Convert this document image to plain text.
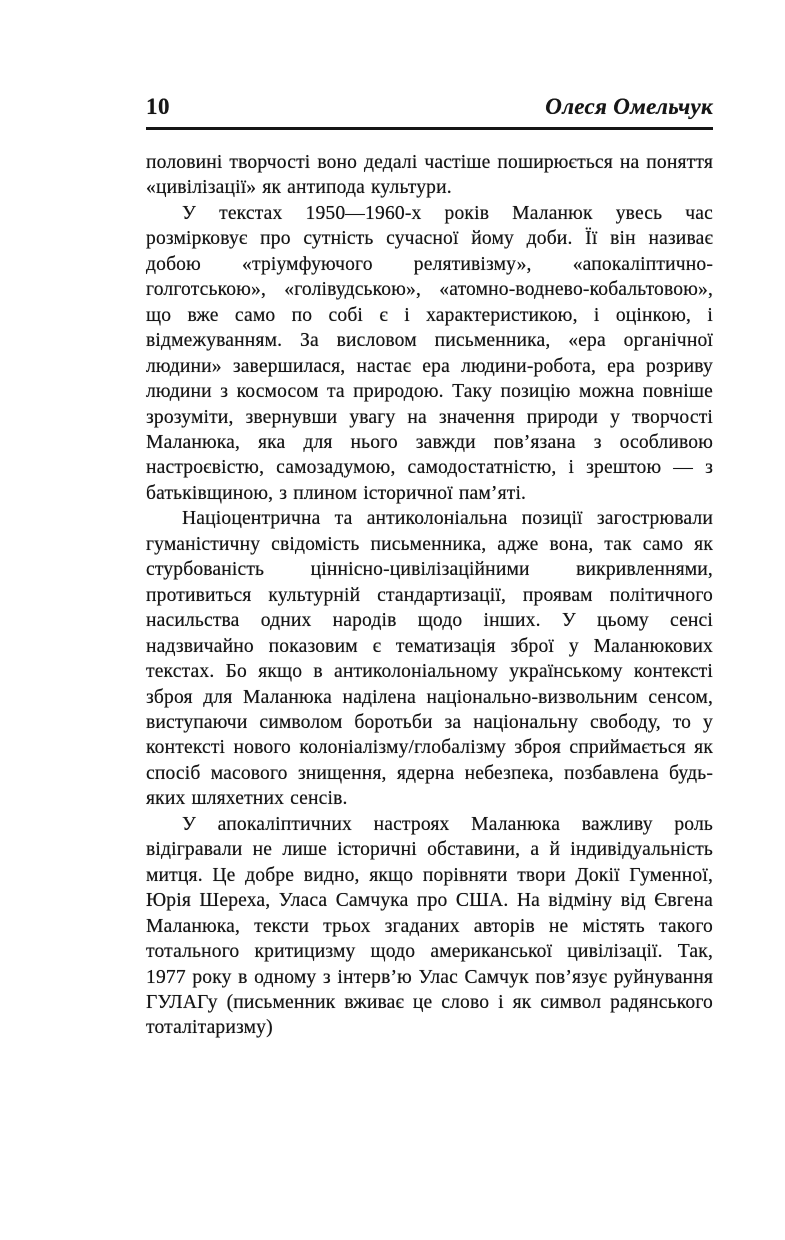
10	Олеся Омельчук

половині творчості воно дедалі частіше поширюється на поняття «цивілізації» як антипода культури.

У текстах 1950—1960-х років Маланюк увесь час розмірковує про сутність сучасної йому доби. Її він називає добою «тріумфуючого релятивізму», «апокаліптично-голготською», «голівудською», «атомно-воднево-кобальтовою», що вже само по собі є і характеристикою, і оцінкою, і відмежуванням. За висловом письменника, «ера органічної людини» завершилася, настає ера людини-робота, ера розриву людини з космосом та природою. Таку позицію можна повніше зрозуміти, звернувши увагу на значення природи у творчості Маланюка, яка для нього завжди пов’язана з особливою настроєвістю, самозадумою, самодостатністю, і зрештою — з батьківщиною, з плином історичної пам’яті.

Націоцентрична та антиколоніальна позиції загострювали гуманістичну свідомість письменника, адже вона, так само як стурбованість ціннісно-цивілізаційними викривленнями, противиться культурній стандартизації, проявам політичного насильства одних народів щодо інших. У цьому сенсі надзвичайно показовим є тематизація зброї у Маланюкових текстах. Бо якщо в антиколоніальному українському контексті зброя для Маланюка наділена національно-визвольним сенсом, виступаючи символом боротьби за національну свободу, то у контексті нового колоніалізму/глобалізму зброя сприймається як спосіб масового знищення, ядерна небезпека, позбавлена будь-яких шляхетних сенсів.

У апокаліптичних настроях Маланюка важливу роль відігравали не лише історичні обставини, а й індивідуальність митця. Це добре видно, якщо порівняти твори Докії Гуменної, Юрія Шереха, Уласа Самчука про США. На відміну від Євгена Маланюка, тексти трьох згаданих авторів не містять такого тотального критицизму щодо американської цивілізації. Так, 1977 року в одному з інтерв’ю Улас Самчук пов’язує руйнування ГУЛАГу (письменник вживає це слово і як символ радянського тоталітаризму)
